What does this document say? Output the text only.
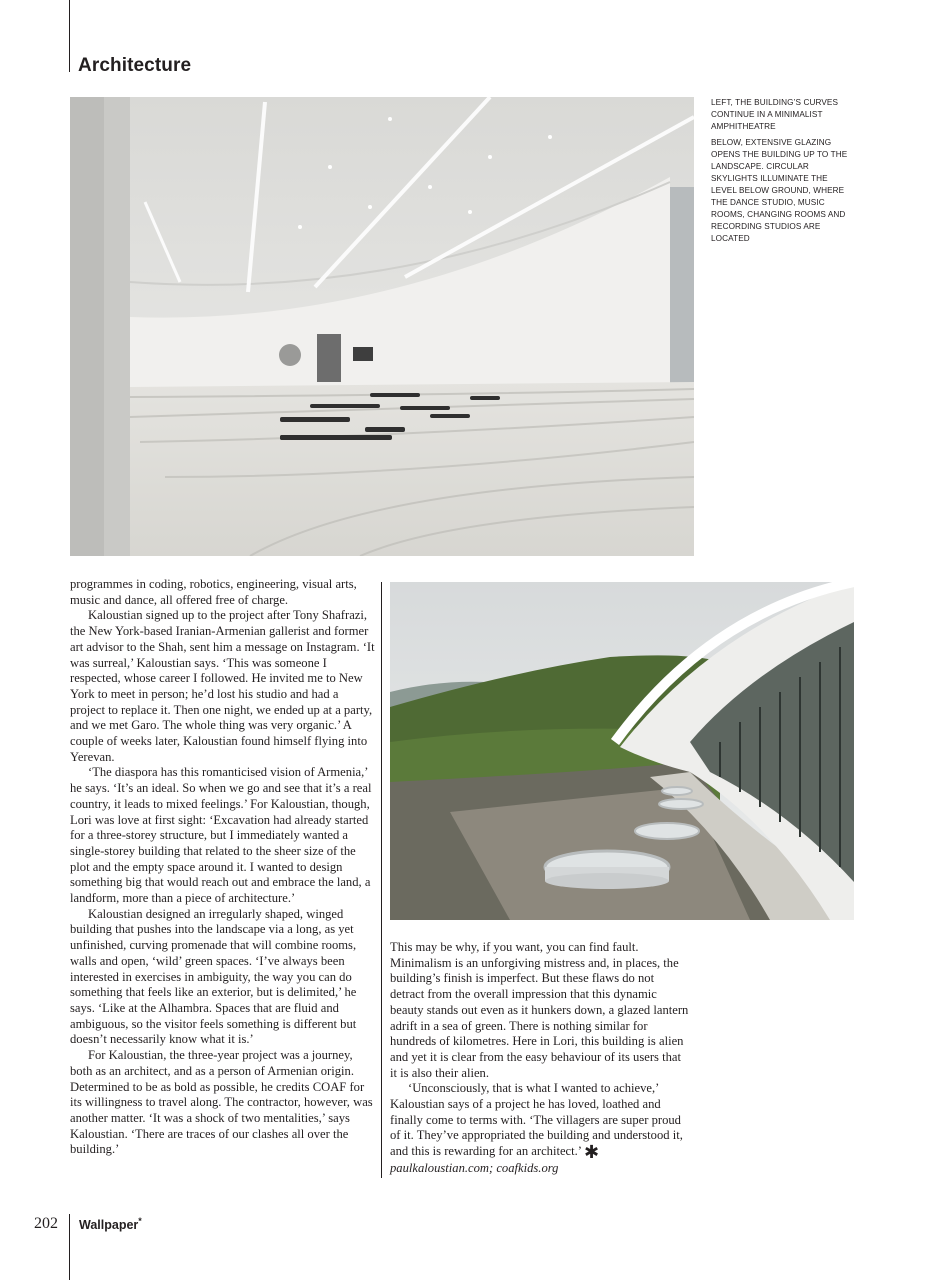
Architecture

LEFT, THE BUILDING’S CURVES CONTINUE IN A MINIMALIST AMPHITHEATRE

BELOW, EXTENSIVE GLAZING OPENS THE BUILDING UP TO THE LANDSCAPE. CIRCULAR SKYLIGHTS ILLUMINATE THE LEVEL BELOW GROUND, WHERE THE DANCE STUDIO, MUSIC ROOMS, CHANGING ROOMS AND RECORDING STUDIOS ARE LOCATED

programmes in coding, robotics, engineering, visual arts, music and dance, all offered free of charge.

Kaloustian signed up to the project after Tony Shafrazi, the New York-based Iranian-Armenian gallerist and former art advisor to the Shah, sent him a message on Instagram. ‘It was surreal,’ Kaloustian says. ‘This was someone I respected, whose career I followed. He invited me to New York to meet in person; he’d lost his studio and had a project to replace it. Then one night, we ended up at a party, and we met Garo. The whole thing was very organic.’ A couple of weeks later, Kaloustian found himself flying into Yerevan.

‘The diaspora has this romanticised vision of Armenia,’ he says. ‘It’s an ideal. So when we go and see that it’s a real country, it leads to mixed feelings.’ For Kaloustian, though, Lori was love at first sight: ‘Excavation had already started for a three-storey structure, but I immediately wanted a single-storey building that related to the sheer size of the plot and the empty space around it. I wanted to design something big that would reach out and embrace the land, a landform, more than a piece of architecture.’

Kaloustian designed an irregularly shaped, winged building that pushes into the landscape via a long, as yet unfinished, curving promenade that will combine rooms, walls and open, ‘wild’ green spaces. ‘I’ve always been interested in exercises in ambiguity, the way you can do something that feels like an exterior, but is delimited,’ he says. ‘Like at the Alhambra. Spaces that are fluid and ambiguous, so the visitor feels something is different but doesn’t necessarily know what it is.’

For Kaloustian, the three-year project was a journey, both as an architect, and as a person of Armenian origin. Determined to be as bold as possible, he credits COAF for its willingness to travel along. The contractor, however, was another matter. ‘It was a shock of two mentalities,’ says Kaloustian. ‘There are traces of our clashes all over the building.’

This may be why, if you want, you can find fault. Minimalism is an unforgiving mistress and, in places, the building’s finish is imperfect. But these flaws do not detract from the overall impression that this dynamic beauty stands out even as it hunkers down, a glazed lantern adrift in a sea of green. There is nothing similar for hundreds of kilometres. Here in Lori, this building is alien and yet it is clear from the easy behaviour of its users that it is also their alien.

‘Unconsciously, that is what I wanted to achieve,’ Kaloustian says of a project he has loved, loathed and finally come to terms with. ‘The villagers are super proud of it. They’ve appropriated the building and understood it, and this is rewarding for an architect.’ ✱

paulkaloustian.com; coafkids.org

202 Wallpaper*
